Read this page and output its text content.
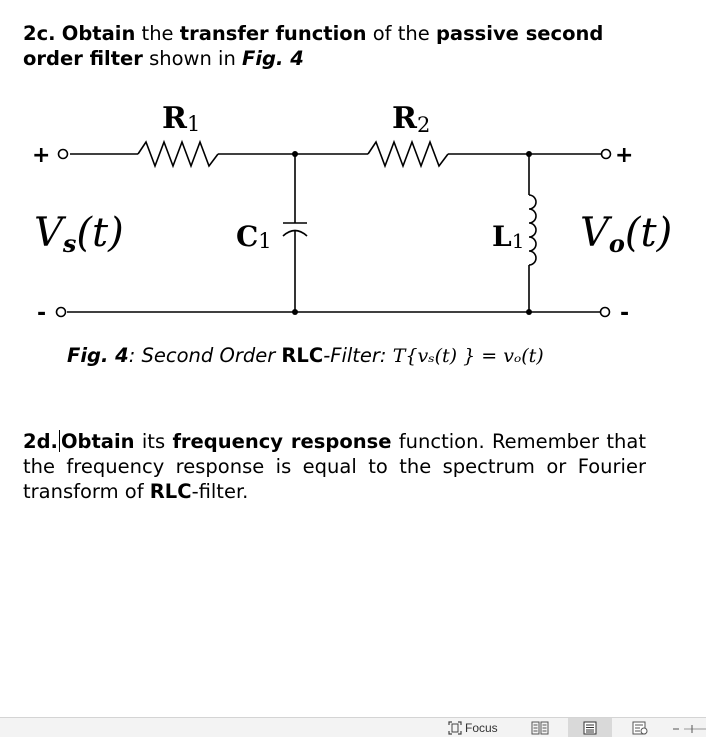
2c. Obtain the transfer function of the passive second order filter shown in Fig. 4

R1	R2
C1	L1
Vs(t)	Vo(t)
+
-
+
-
Fig. 4: Second Order RLC-Filter: T{vₛ(t) } = vₒ(t)

2d. Obtain its frequency response function. Remember that the frequency response is equal to the spectrum or Fourier transform of RLC-filter.

Focus
